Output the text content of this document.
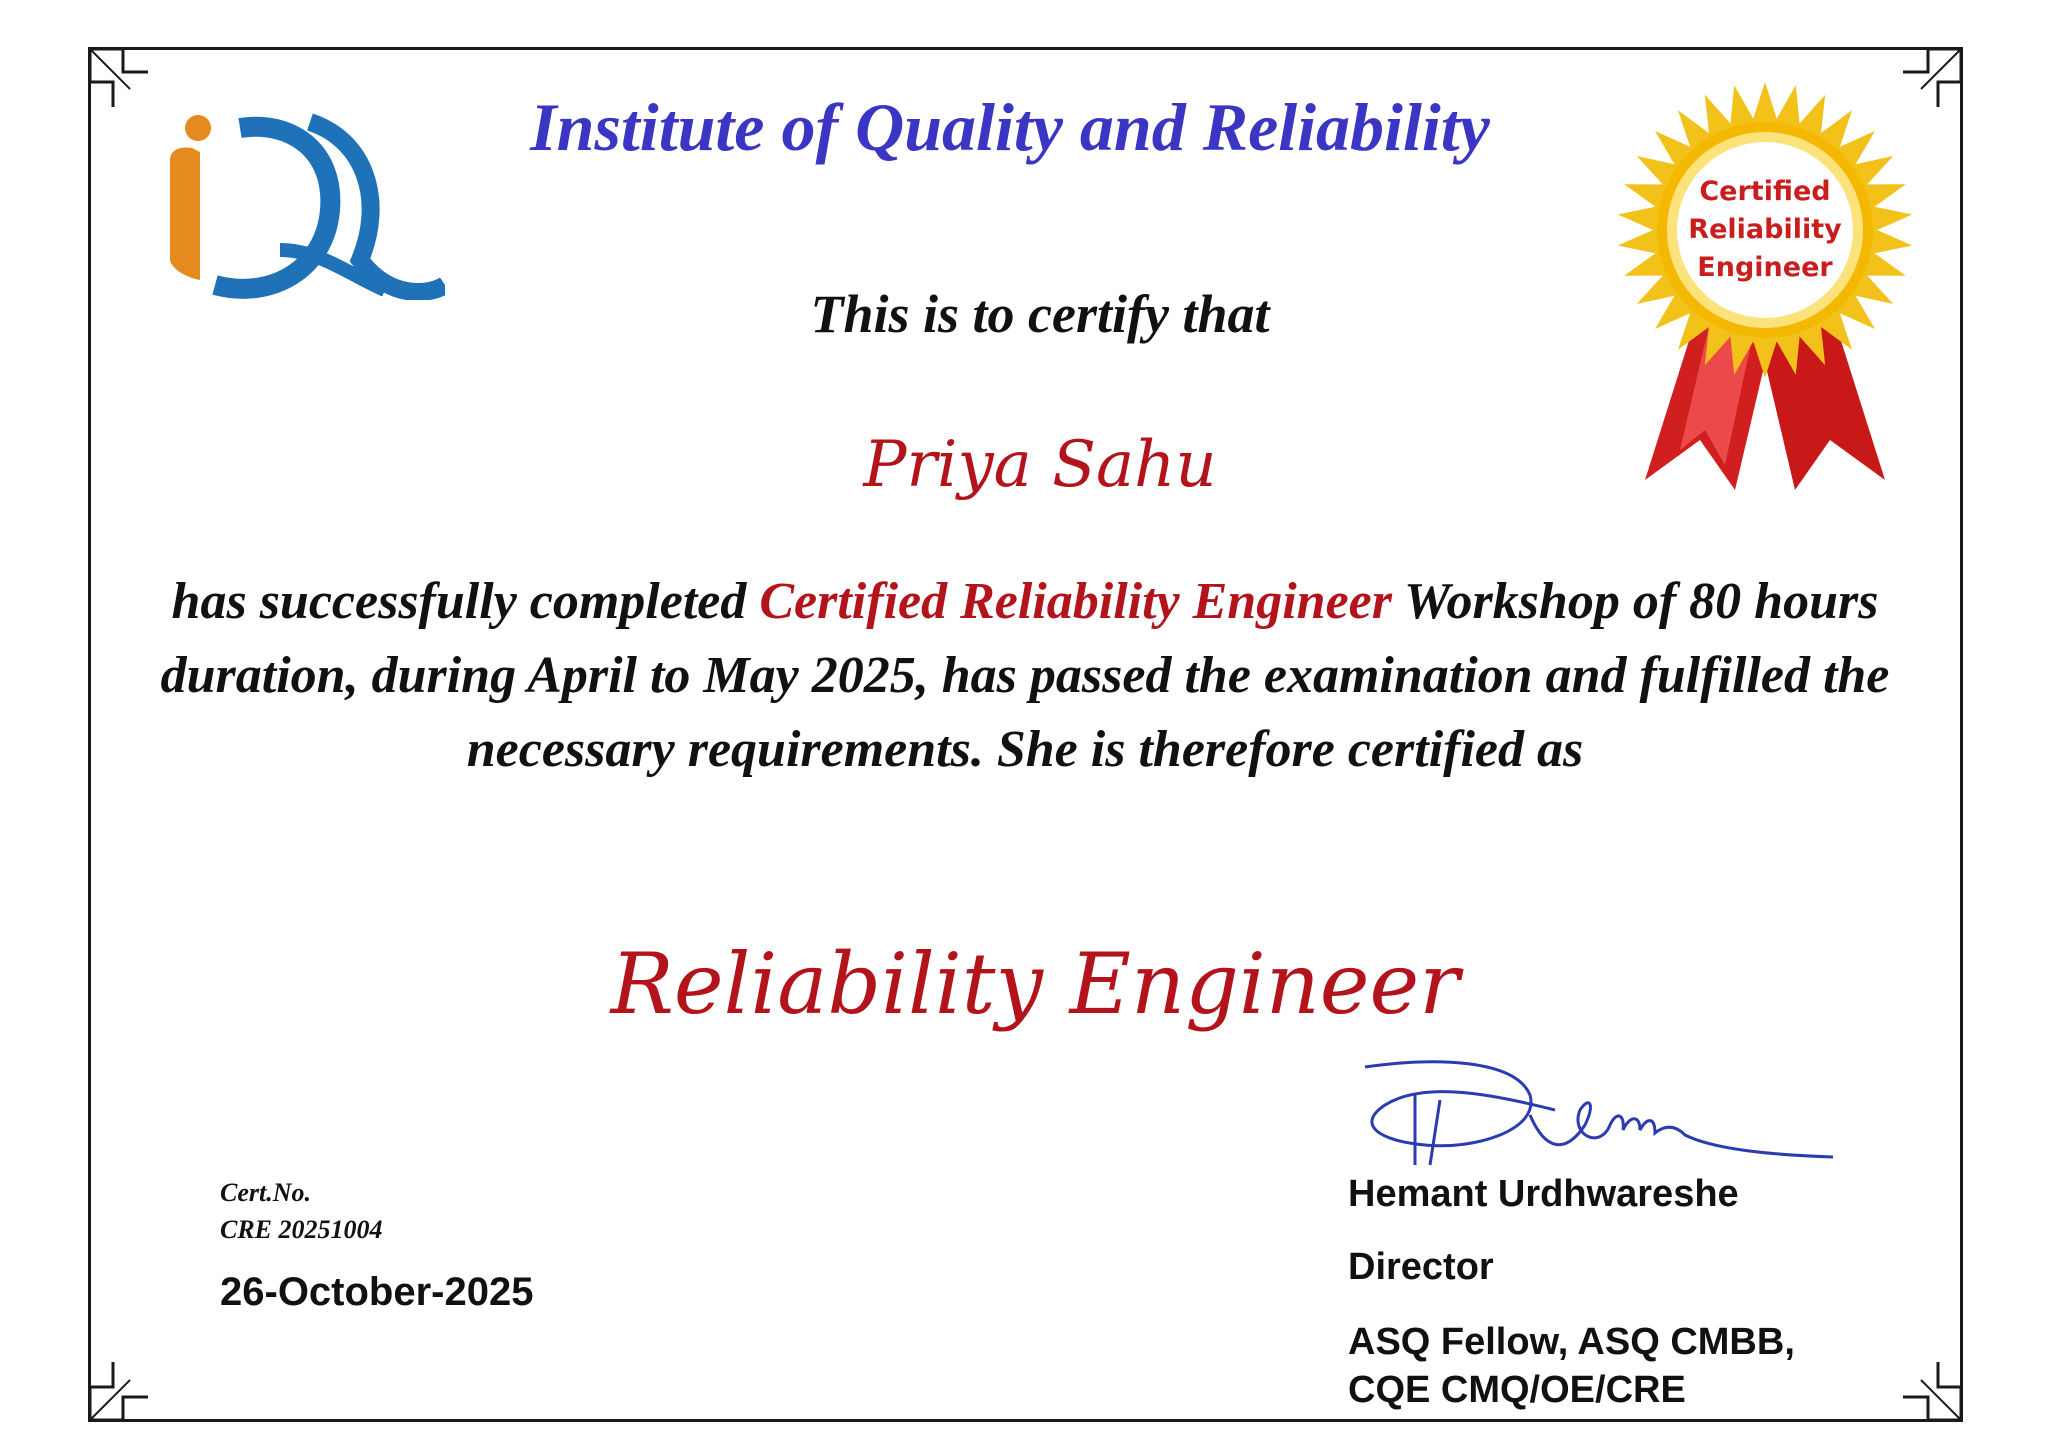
Institute of Quality and Reliability
Certified
Reliability
Engineer
This is to certify that
Priya Sahu
has successfully completed Certified Reliability Engineer Workshop of 80 hours duration, during April to May 2025, has passed the examination and fulfilled the necessary requirements. She is therefore certified as
Reliability Engineer
Cert.No.
CRE 20251004
26-October-2025
Hemant Urdhwareshe
Director
ASQ Fellow, ASQ CMBB,
CQE CMQ/OE/CRE
